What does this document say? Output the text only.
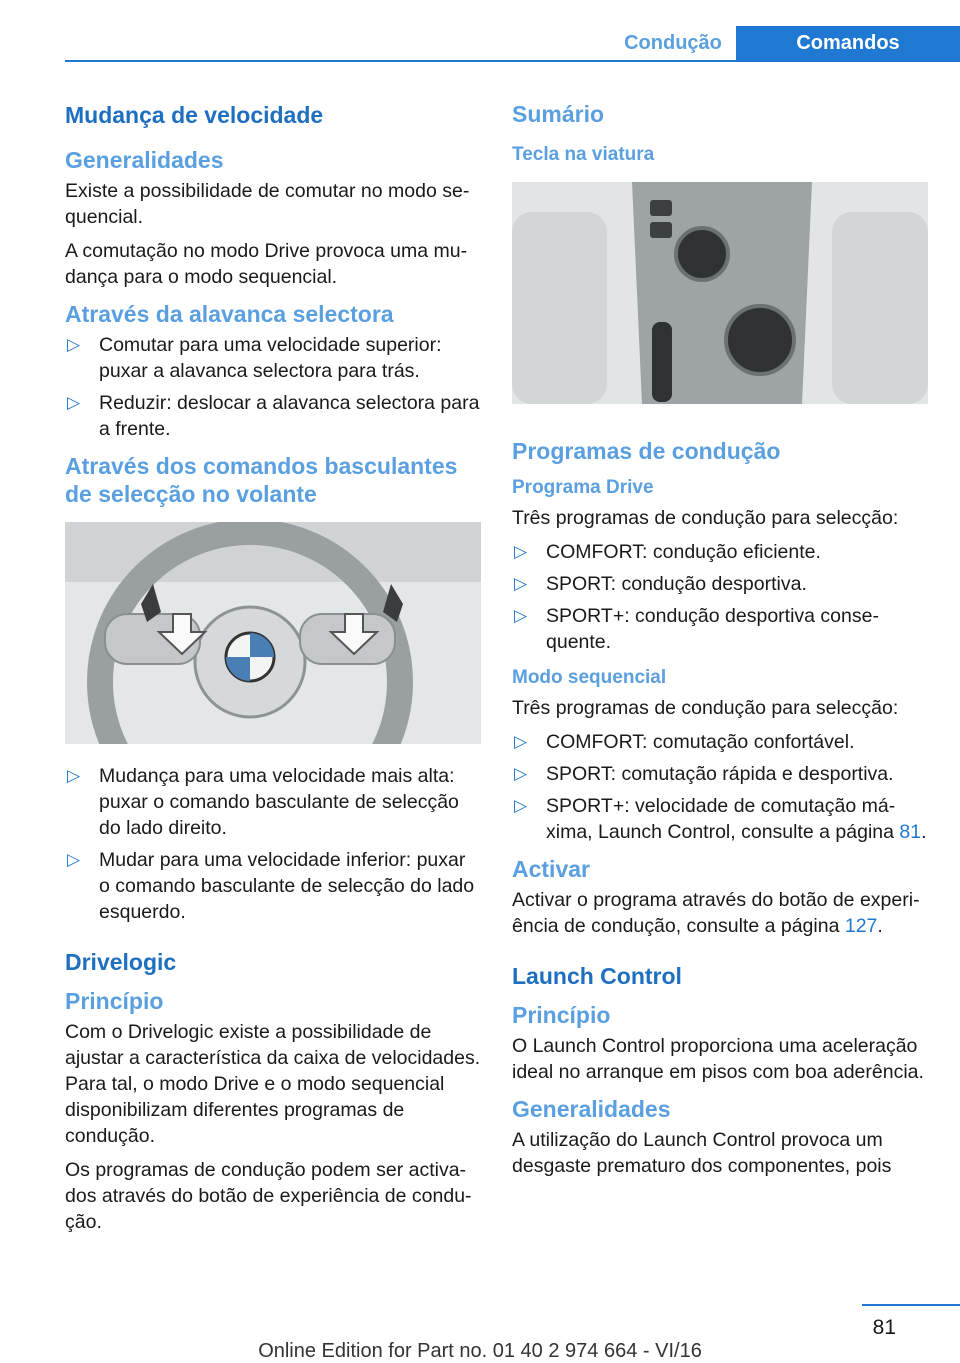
Condução	Comandos
Mudança de velocidade
Generalidades

Existe a possibilidade de comutar no modo sequencial.

A comutação no modo Drive provoca uma mudança para o modo sequencial.

Através da alavanca selectora
▷ Comutar para uma velocidade superior: puxar a alavanca selectora para trás.
▷ Reduzir: deslocar a alavanca selectora para a frente.
Através dos comandos basculantes de selecção no volante
▷ Mudança para uma velocidade mais alta: puxar o comando basculante de selecção do lado direito.
▷ Mudar para uma velocidade inferior: puxar o comando basculante de selecção do lado esquerdo.
Drivelogic
Princípio

Com o Drivelogic existe a possibilidade de ajustar a característica da caixa de velocidades. Para tal, o modo Drive e o modo sequencial disponibilizam diferentes programas de condução.

Os programas de condução podem ser activados através do botão de experiência de condução.

Sumário
Tecla na viatura
Programas de condução
Programa Drive

Três programas de condução para selecção:

▷ COMFORT: condução eficiente.
▷ SPORT: condução desportiva.
▷ SPORT+: condução desportiva consequente.
Modo sequencial

Três programas de condução para selecção:

▷ COMFORT: comutação confortável.
▷ SPORT: comutação rápida e desportiva.
▷ SPORT+: velocidade de comutação máxima, Launch Control, consulte a página 81.
Activar

Activar o programa através do botão de experiência de condução, consulte a página 127.

Launch Control
Princípio

O Launch Control proporciona uma aceleração ideal no arranque em pisos com boa aderência.

Generalidades

A utilização do Launch Control provoca um desgaste prematuro dos componentes, pois

81
Online Edition for Part no. 01 40 2 974 664 - VI/16
